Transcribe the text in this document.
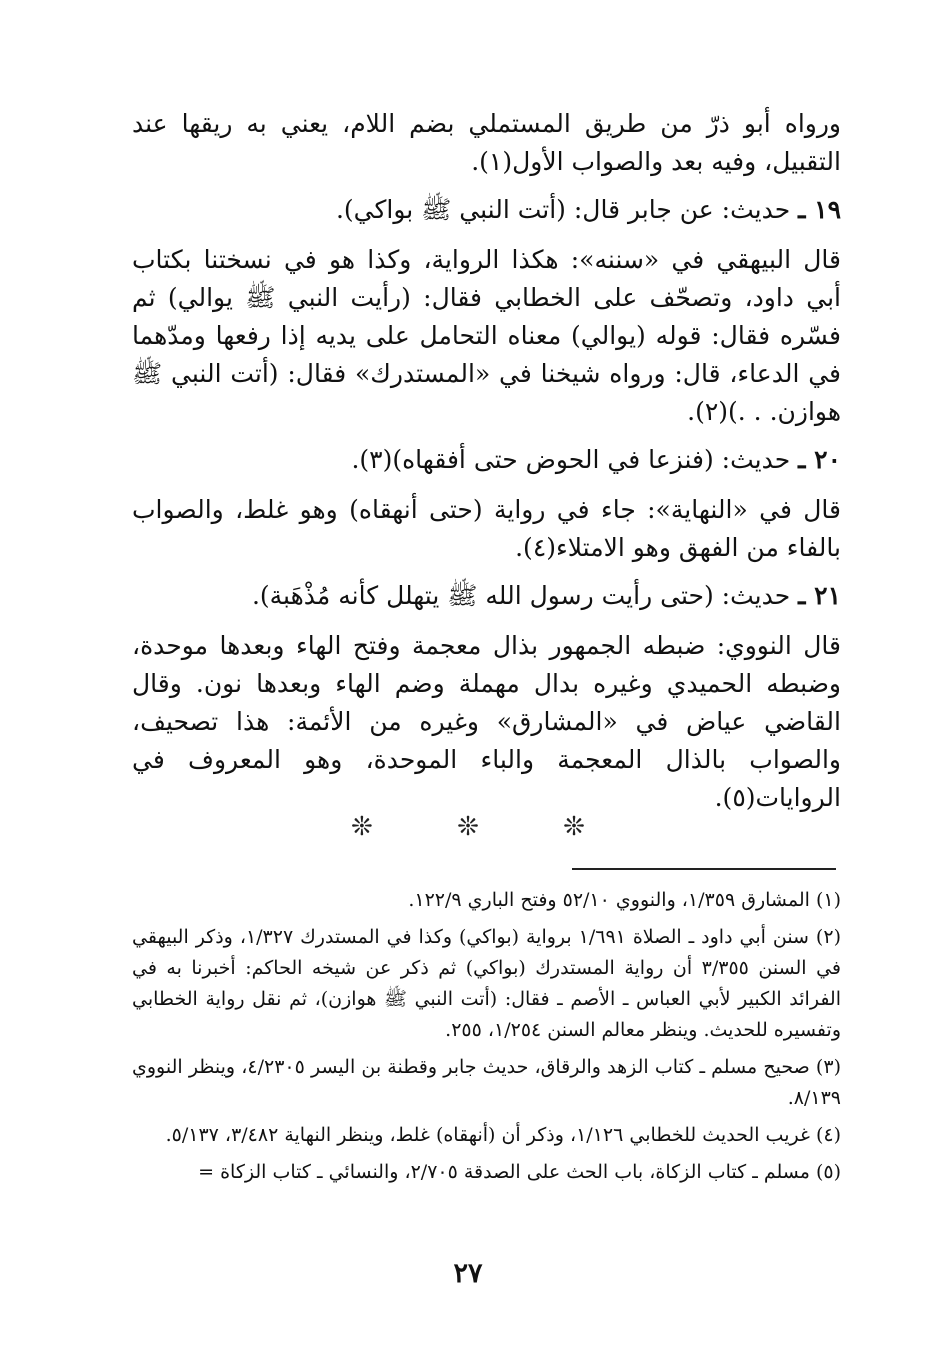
ورواه أبو ذرّ من طريق المستملي بضم اللام، يعني به ريقها عند التقبيل، وفيه بعد والصواب الأول(١).

١٩ ـ حديث: عن جابر قال: (أتت النبي ﷺ بواكي).

قال البيهقي في «سننه»: هكذا الرواية، وكذا هو في نسختنا بكتاب أبي داود، وتصحّف على الخطابي فقال: (رأيت النبي ﷺ يوالي) ثم فسّره فقال: قوله (يوالي) معناه التحامل على يديه إذا رفعها ومدّهما في الدعاء، قال: ورواه شيخنا في «المستدرك» فقال: (أتت النبي ﷺ هوازن. . .)(٢).

٢٠ ـ حديث: (فنزعا في الحوض حتى أفقهاه)(٣).

قال في «النهاية»: جاء في رواية (حتى أنهقاه) وهو غلط، والصواب بالفاء من الفهق وهو الامتلاء(٤).

٢١ ـ حديث: (حتى رأيت رسول الله ﷺ يتهلل كأنه مُذْهَبة).

قال النووي: ضبطه الجمهور بذال معجمة وفتح الهاء وبعدها موحدة، وضبطه الحميدي وغيره بدال مهملة وضم الهاء وبعدها نون. وقال القاضي عياض في «المشارق» وغيره من الأئمة: هذا تصحيف، والصواب بالذال المعجمة والباء الموحدة، وهو المعروف في الروايات(٥).

❊	❊	❊

(١) المشارق ١/٣٥٩، والنووي ٥٢/١٠ وفتح الباري ١٢٢/٩.

(٢) سنن أبي داود ـ الصلاة ١/٦٩١ برواية (بواكي) وكذا في المستدرك ١/٣٢٧، وذكر البيهقي في السنن ٣/٣٥٥ أن رواية المستدرك (بواكي) ثم ذكر عن شيخه الحاكم: أخبرنا به في الفرائد الكبير لأبي العباس ـ الأصم ـ فقال: (أتت النبي ﷺ هوازن)، ثم نقل رواية الخطابي وتفسيره للحديث. وينظر معالم السنن ١/٢٥٤، ٢٥٥.

(٣) صحيح مسلم ـ كتاب الزهد والرقاق، حديث جابر وقطنة بن اليسر ٤/٢٣٠٥، وينظر النووي ٨/١٣٩.

(٤) غريب الحديث للخطابي ١/١٢٦، وذكر أن (أنهقاه) غلط، وينظر النهاية ٣/٤٨٢، ٥/١٣٧.

(٥) مسلم ـ كتاب الزكاة، باب الحث على الصدقة ٢/٧٠٥، والنسائي ـ كتاب الزكاة =

٢٧
